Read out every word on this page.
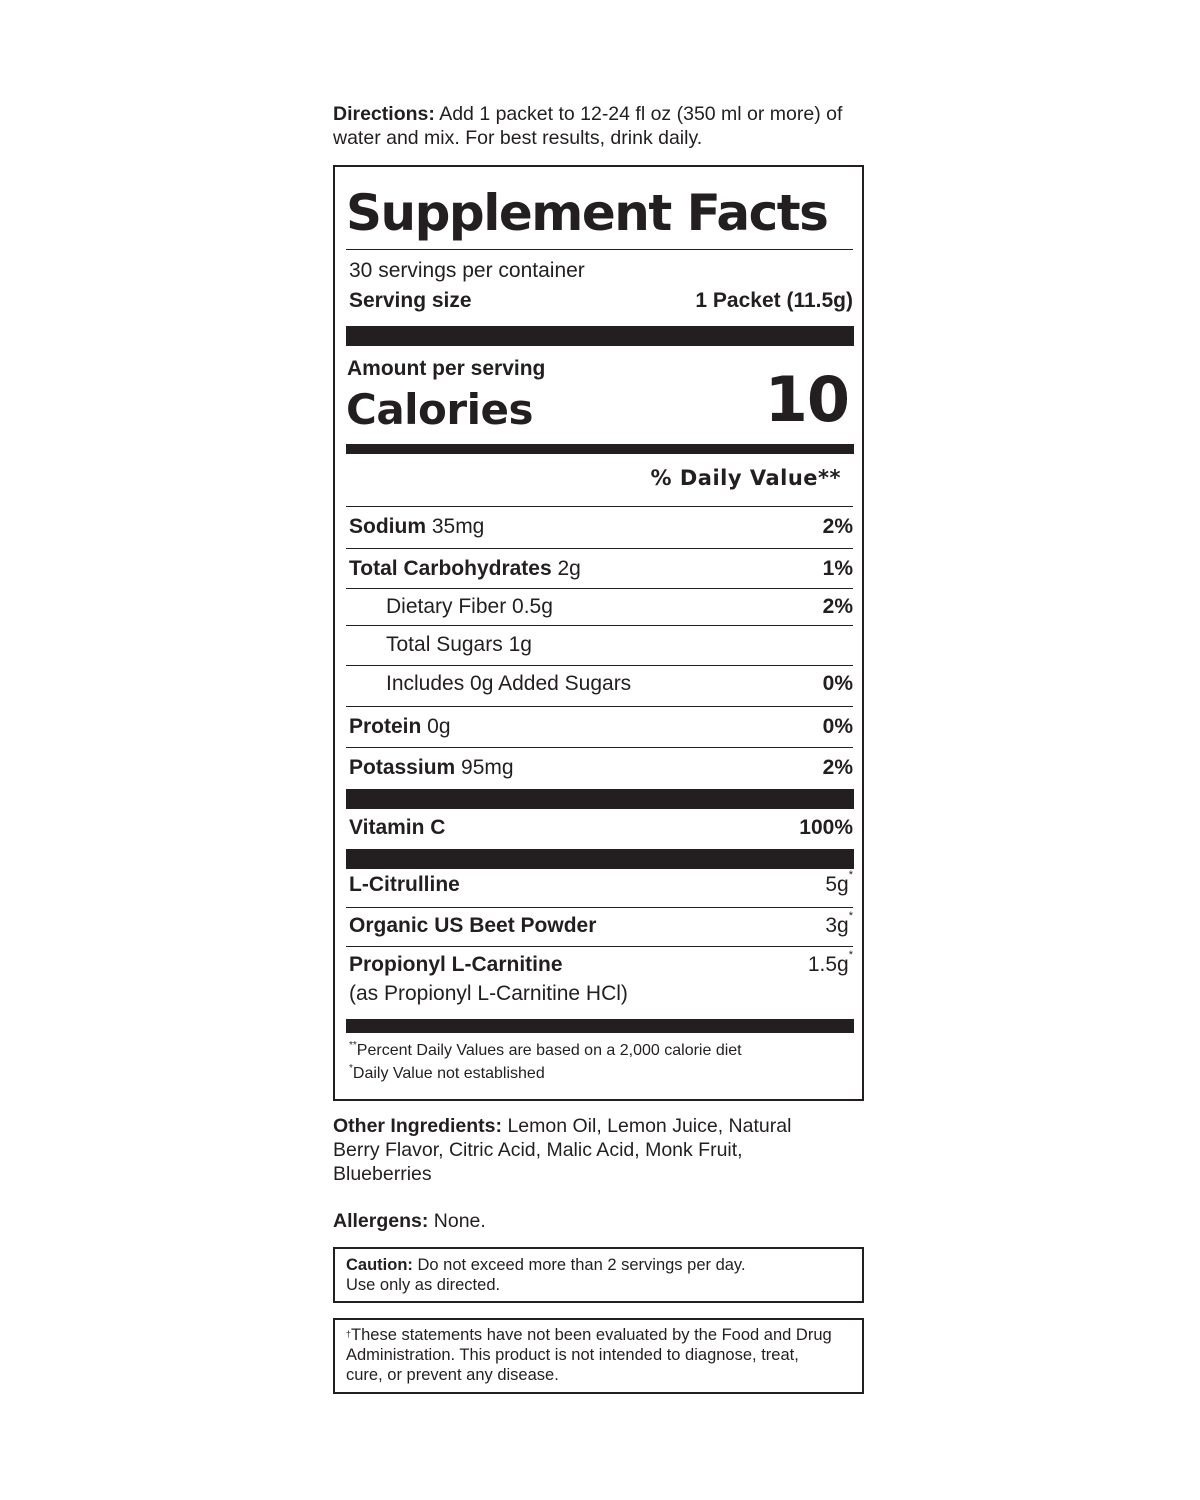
Directions: Add 1 packet to 12-24 fl oz (350 ml or more) of
water and mix. For best results, drink daily.
Supplement Facts
30 servings per container
Serving size	1 Packet (11.5g)
Amount per serving
Calories	10
% Daily Value**
Sodium 35mg	2%
Total Carbohydrates 2g	1%
Dietary Fiber 0.5g	2%
Total Sugars 1g
Includes 0g Added Sugars	0%
Protein 0g	0%
Potassium 95mg	2%
Vitamin C	100%
L-Citrulline	5g*
Organic US Beet Powder	3g*
Propionyl L-Carnitine	1.5g*
(as Propionyl L-Carnitine HCl)
**Percent Daily Values are based on a 2,000 calorie diet
*Daily Value not established
Other Ingredients: Lemon Oil, Lemon Juice, Natural
Berry Flavor, Citric Acid, Malic Acid, Monk Fruit,
Blueberries
Allergens: None.
Caution: Do not exceed more than 2 servings per day.
Use only as directed.
†These statements have not been evaluated by the Food and Drug
Administration. This product is not intended to diagnose, treat,
cure, or prevent any disease.
